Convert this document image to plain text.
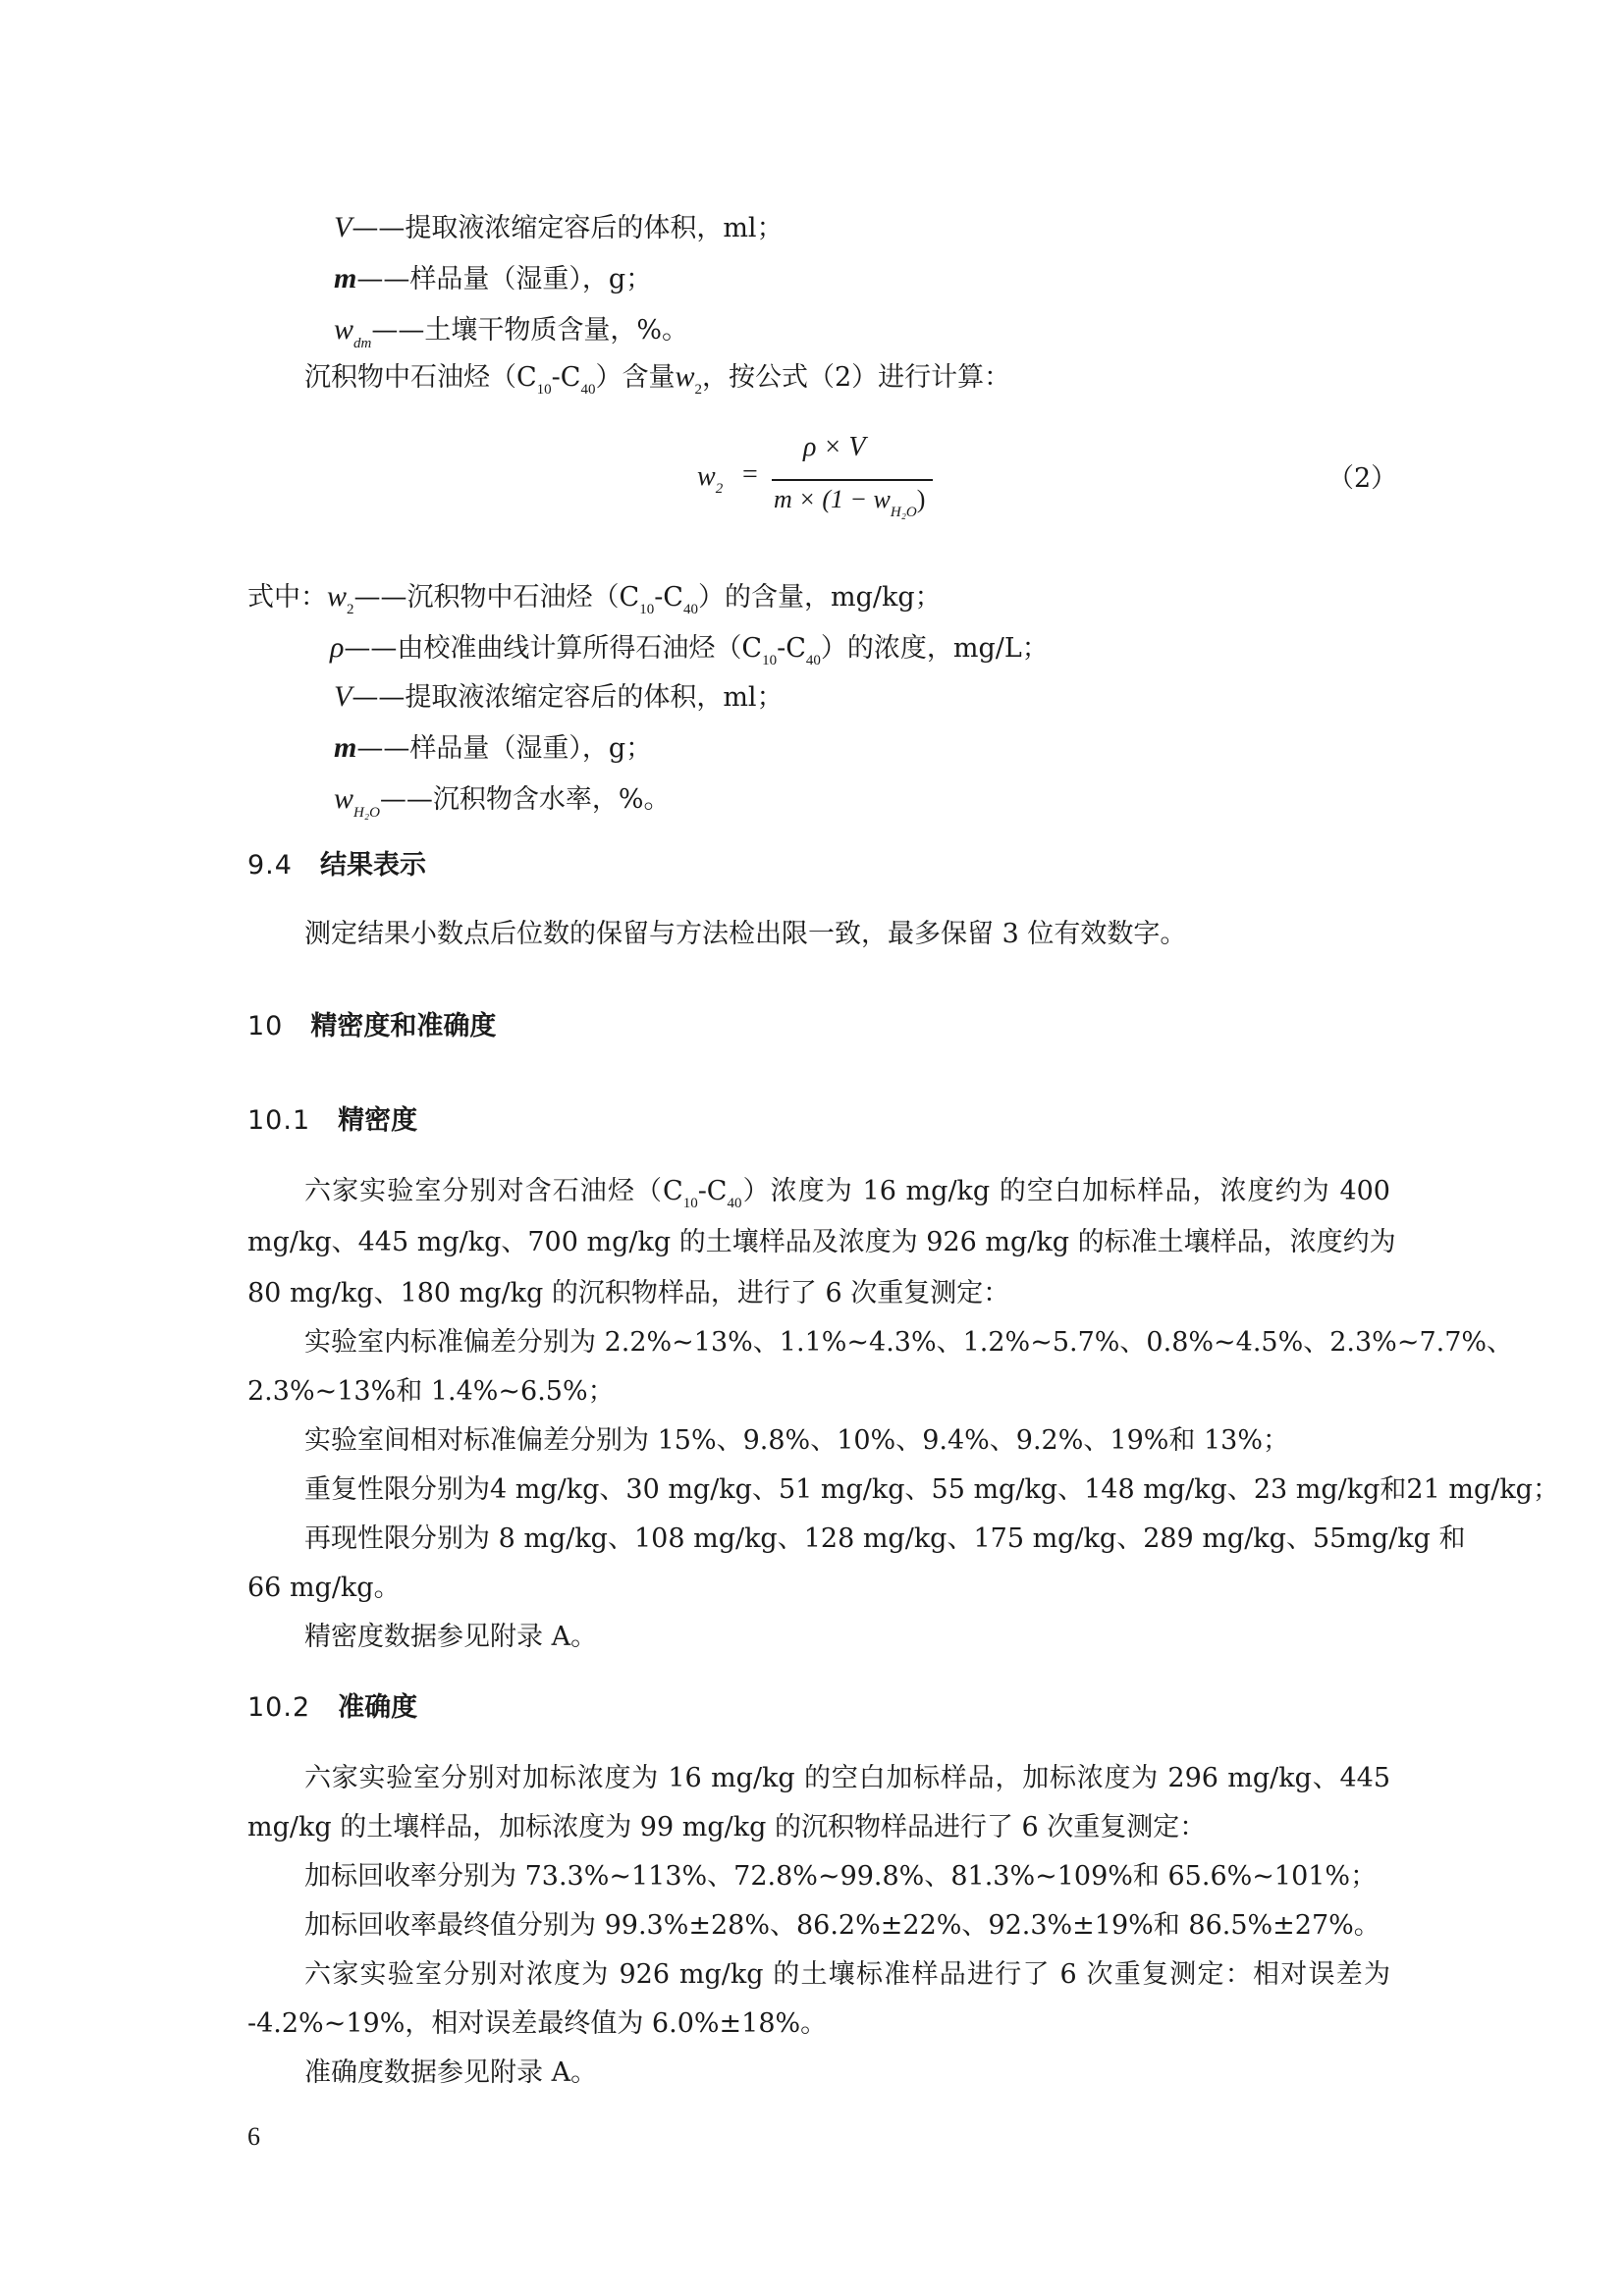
V——提取液浓缩定容后的体积，ml；
m——样品量（湿重），g；
$w_{dm}——$土壤干物质含量，%。
沉积物中石油烃$(C_{10}-C_{40})$含量$w_2$，按公式（2）进行计算：
$w_2$ =
ρ × V
$m \times (1 - w_{H_2O})$
（2）
式中：$w_2——$沉积物中石油烃$(C_{10}-C_{40})$的含量，mg/kg；
ρ——由校准曲线计算所得石油烃$(C_{10}-C_{40})$的浓度，mg/L；
V——提取液浓缩定容后的体积，ml；
m——样品量（湿重），g；
$w_{H_2O}——$沉积物含水率，%。
9.4 结果表示
测定结果小数点后位数的保留与方法检出限一致，最多保留 3 位有效数字。
10 精密度和准确度
10.1 精密度
六家实验室分别对含石油烃$(C_{10}-C_{40})$浓度为 16 mg/kg 的空白加标样品，浓度约为 400
mg/kg、445 mg/kg、700 mg/kg 的土壤样品及浓度为 926 mg/kg 的标准土壤样品，浓度约为
80 mg/kg、180 mg/kg 的沉积物样品，进行了 6 次重复测定：
实验室内标准偏差分别为 2.2%~13%、1.1%~4.3%、1.2%~5.7%、0.8%~4.5%、2.3%~7.7%、
2.3%~13%和 1.4%~6.5%；
实验室间相对标准偏差分别为 15%、9.8%、10%、9.4%、9.2%、19%和 13%；
重复性限分别为4 mg/kg、30 mg/kg、51 mg/kg、55 mg/kg、148 mg/kg、23 mg/kg和21 mg/kg；
再现性限分别为 8 mg/kg、108 mg/kg、128 mg/kg、175 mg/kg、289 mg/kg、55mg/kg 和
66 mg/kg。
精密度数据参见附录 A。
10.2 准确度
六家实验室分别对加标浓度为 16 mg/kg 的空白加标样品，加标浓度为 296 mg/kg、445
mg/kg 的土壤样品，加标浓度为 99 mg/kg 的沉积物样品进行了 6 次重复测定：
加标回收率分别为 73.3%~113%、72.8%~99.8%、81.3%~109%和 65.6%~101%；
加标回收率最终值分别为 99.3%±28%、86.2%±22%、92.3%±19%和 86.5%±27%。
六家实验室分别对浓度为 926 mg/kg 的土壤标准样品进行了 6 次重复测定：相对误差为
-4.2%~19%，相对误差最终值为 6.0%±18%。
准确度数据参见附录 A。
6
